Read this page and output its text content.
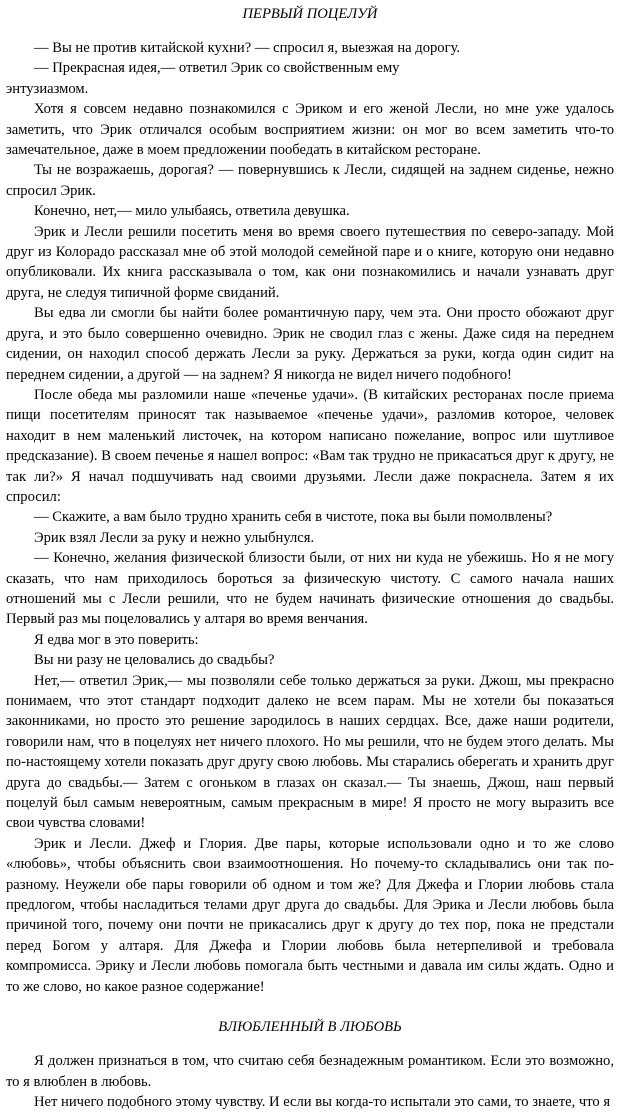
ПЕРВЫЙ ПОЦЕЛУЙ

— Вы не против китайской кухни? — спросил я, выезжая на дорогу.

— Прекрасная идея,— ответил Эрик со свойственным ему

энтузиазмом.

Хотя я совсем недавно познакомился с Эриком и его женой Лесли, но мне уже удалось заметить, что Эрик отличался особым восприятием жизни: он мог во всем заметить что-то замечательное, даже в моем предложении пообедать в китайском ресторане.

Ты не возражаешь, дорогая? — повернувшись к Лесли, сидящей на заднем сиденье, нежно спросил Эрик.

Конечно, нет,— мило улыбаясь, ответила девушка.

Эрик и Лесли решили посетить меня во время своего путешествия по северо-западу. Мой друг из Колорадо рассказал мне об этой молодой семейной паре и о книге, которую они недавно опубликовали. Их книга рассказывала о том, как они познакомились и начали узнавать друг друга, не следуя типичной форме свиданий.

Вы едва ли смогли бы найти более романтичную пару, чем эта. Они просто обожают друг друга, и это было совершенно очевидно. Эрик не сводил глаз с жены. Даже сидя на переднем сидении, он находил способ держать Лесли за руку. Держаться за руки, когда один сидит на переднем сидении, а другой — на заднем? Я никогда не видел ничего подобного!

После обеда мы разломили наше «печенье удачи». (В китайских ресторанах после приема пищи посетителям приносят так называемое «печенье удачи», разломив которое, человек находит в нем маленький листочек, на котором написано пожелание, вопрос или шутливое предсказание). В своем печенье я нашел вопрос: «Вам так трудно не прикасаться друг к другу, не так ли?» Я начал подшучивать над своими друзьями. Лесли даже покраснела. Затем я их спросил:

— Скажите, а вам было трудно хранить себя в чистоте, пока вы были помолвлены?

Эрик взял Лесли за руку и нежно улыбнулся.

— Конечно, желания физической близости были, от них ни куда не убежишь. Но я не могу сказать, что нам приходилось бороться за физическую чистоту. С самого начала наших отношений мы с Лесли решили, что не будем начинать физические отношения до свадьбы. Первый раз мы поцеловались у алтаря во время венчания.

Я едва мог в это поверить:

Вы ни разу не целовались до свадьбы?

Нет,— ответил Эрик,— мы позволяли себе только держаться за руки. Джош, мы прекрасно понимаем, что этот стандарт подходит далеко не всем парам. Мы не хотели бы показаться законниками, но просто это решение зародилось в наших сердцах. Все, даже наши родители, говорили нам, что в поцелуях нет ничего плохого. Но мы решили, что не будем этого делать. Мы по-настоящему хотели показать друг другу свою любовь. Мы старались оберегать и хранить друг друга до свадьбы.— Затем с огоньком в глазах он сказал.— Ты знаешь, Джош, наш первый поцелуй был самым невероятным, самым прекрасным в мире! Я просто не могу выразить все свои чувства словами!

Эрик и Лесли. Джеф и Глория. Две пары, которые использовали одно и то же слово «любовь», чтобы объяснить свои взаимоотношения. Но почему-то складывались они так по-разному. Неужели обе пары говорили об одном и том же? Для Джефа и Глории любовь стала предлогом, чтобы насладиться телами друг друга до свадьбы. Для Эрика и Лесли любовь была причиной того, почему они почти не прикасались друг к другу до тех пор, пока не предстали перед Богом у алтаря. Для Джефа и Глории любовь была нетерпеливой и требовала компромисса. Эрику и Лесли любовь помогала быть честными и давала им силы ждать. Одно и то же слово, но какое разное содержание!

ВЛЮБЛЕННЫЙ В ЛЮБОВЬ

Я должен признаться в том, что считаю себя безнадежным романтиком. Если это возможно, то я влюблен в любовь.

Нет ничего подобного этому чувству. И если вы когда-то испытали это сами, то знаете, что я
